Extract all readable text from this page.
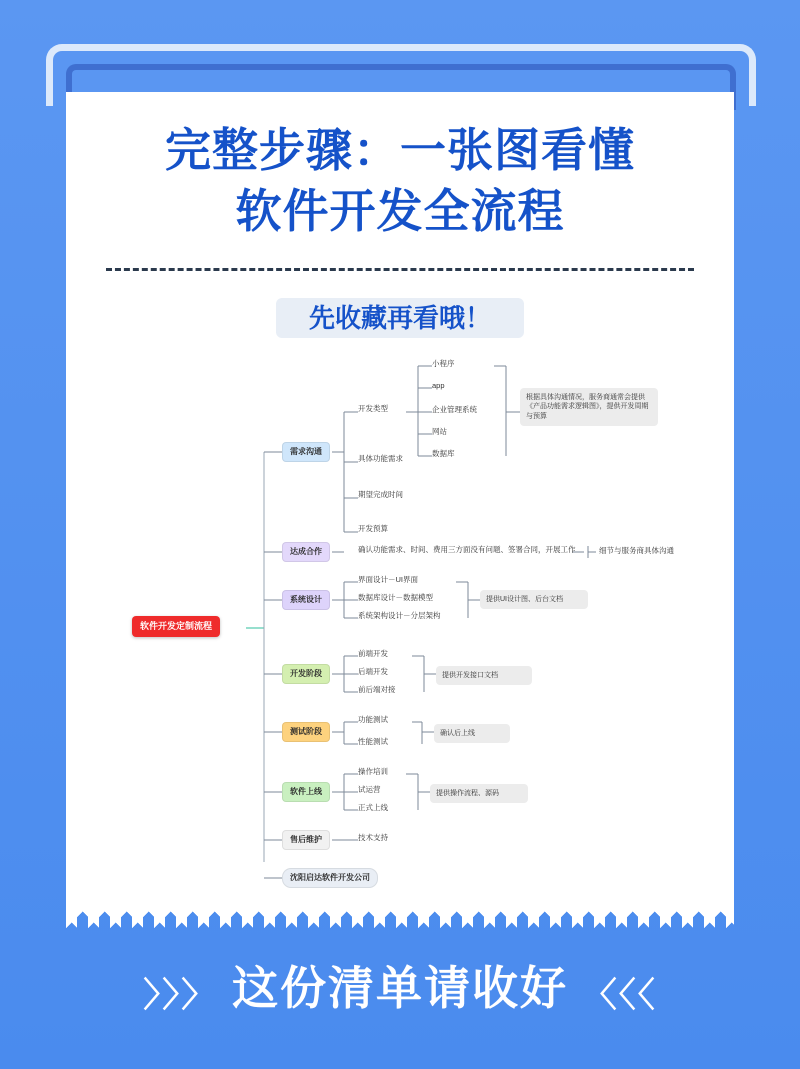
完整步骤：一张图看懂
软件开发全流程
先收藏再看哦！
软件开发定制流程
需求沟通
开发类型
具体功能需求
期望完成时间
开发预算
小程序
app
企业管理系统
网站
数据库
根据具体沟通情况，服务商通常会提供《产品功能需求逻辑图》，提供开发周期与预算
达成合作	确认功能需求、时间、费用三方面没有问题、签署合同，开展工作	细节与服务商具体沟通
系统设计
界面设计－UI界面
数据库设计－数据模型
系统架构设计－分层架构
提供UI设计图、后台文档
开发阶段
前端开发
后端开发
前后端对接
提供开发接口文档
测试阶段
功能测试
性能测试
确认后上线
软件上线
操作培训
试运营
正式上线
提供操作流程、源码
售后维护	技术支持
沈阳启达软件开发公司
〉〉〉 这份清单请收好 〈〈〈
